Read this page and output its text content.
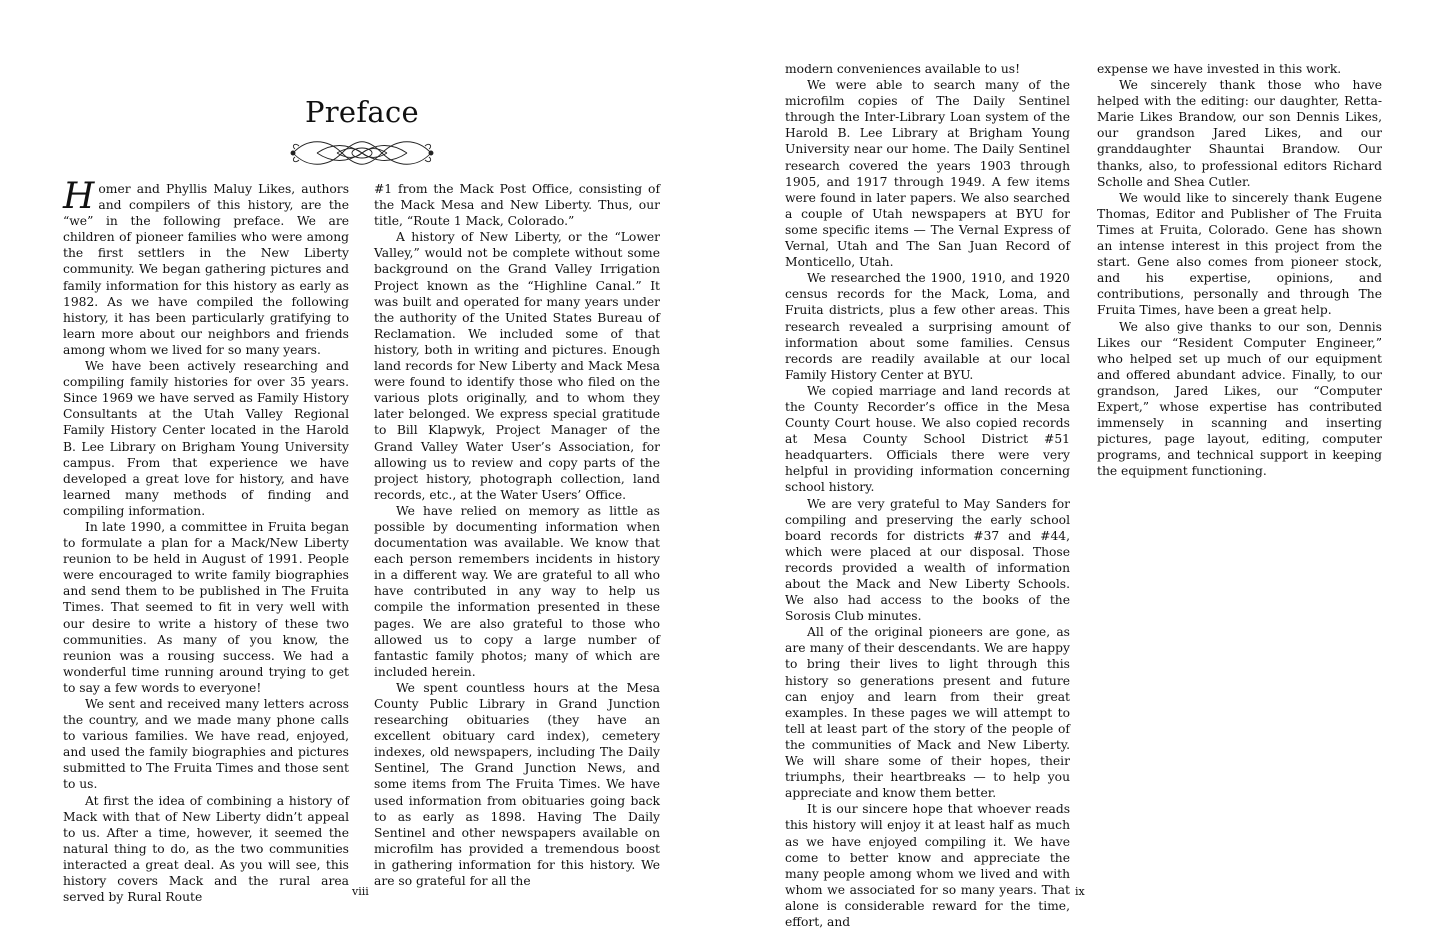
Preface

Homer and Phyllis Maluy Likes, authors and compilers of this history, are the “we” in the following preface. We are children of pioneer families who were among the first settlers in the New Liberty community. We began gathering pictures and family information for this history as early as 1982. As we have compiled the following history, it has been particularly gratifying to learn more about our neighbors and friends among whom we lived for so many years.

We have been actively researching and compiling family histories for over 35 years. Since 1969 we have served as Family History Consultants at the Utah Valley Regional Family History Center located in the Harold B. Lee Library on Brigham Young University campus. From that experience we have developed a great love for history, and have learned many methods of finding and compiling information.

In late 1990, a committee in Fruita began to formulate a plan for a Mack/New Liberty reunion to be held in August of 1991. People were encouraged to write family biographies and send them to be published in The Fruita Times. That seemed to fit in very well with our desire to write a history of these two communities. As many of you know, the reunion was a rousing success. We had a wonderful time running around trying to get to say a few words to everyone!

We sent and received many letters across the country, and we made many phone calls to various families. We have read, enjoyed, and used the family biographies and pictures submitted to The Fruita Times and those sent to us.

At first the idea of combining a history of Mack with that of New Liberty didn’t appeal to us. After a time, however, it seemed the natural thing to do, as the two communities interacted a great deal. As you will see, this history covers Mack and the rural area served by Rural Route

#1 from the Mack Post Office, consisting of the Mack Mesa and New Liberty. Thus, our title, “Route 1 Mack, Colorado.”

A history of New Liberty, or the “Lower Valley,” would not be complete without some background on the Grand Valley Irrigation Project known as the “Highline Canal.” It was built and operated for many years under the authority of the United States Bureau of Reclamation. We included some of that history, both in writing and pictures. Enough land records for New Liberty and Mack Mesa were found to identify those who filed on the various plots originally, and to whom they later belonged. We express special gratitude to Bill Klapwyk, Project Manager of the Grand Valley Water User’s Association, for allowing us to review and copy parts of the project history, photograph collection, land records, etc., at the Water Users’ Office.

We have relied on memory as little as possible by documenting information when documentation was available. We know that each person remembers incidents in history in a different way. We are grateful to all who have contributed in any way to help us compile the information presented in these pages. We are also grateful to those who allowed us to copy a large number of fantastic family photos; many of which are included herein.

We spent countless hours at the Mesa County Public Library in Grand Junction researching obituaries (they have an excellent obituary card index), cemetery indexes, old newspapers, including The Daily Sentinel, The Grand Junction News, and some items from The Fruita Times. We have used information from obituaries going back to as early as 1898. Having The Daily Sentinel and other newspapers available on microfilm has provided a tremendous boost in gathering information for this history. We are so grateful for all the

modern conveniences available to us!

We were able to search many of the microfilm copies of The Daily Sentinel through the Inter-Library Loan system of the Harold B. Lee Library at Brigham Young University near our home. The Daily Sentinel research covered the years 1903 through 1905, and 1917 through 1949. A few items were found in later papers. We also searched a couple of Utah newspapers at BYU for some specific items — The Vernal Express of Vernal, Utah and The San Juan Record of Monticello, Utah.

We researched the 1900, 1910, and 1920 census records for the Mack, Loma, and Fruita districts, plus a few other areas. This research revealed a surprising amount of information about some families. Census records are readily available at our local Family History Center at BYU.

We copied marriage and land records at the County Recorder’s office in the Mesa County Court house. We also copied records at Mesa County School District #51 headquarters. Officials there were very helpful in providing information concerning school history.

We are very grateful to May Sanders for compiling and preserving the early school board records for districts #37 and #44, which were placed at our disposal. Those records provided a wealth of information about the Mack and New Liberty Schools. We also had access to the books of the Sorosis Club minutes.

All of the original pioneers are gone, as are many of their descendants. We are happy to bring their lives to light through this history so generations present and future can enjoy and learn from their great examples. In these pages we will attempt to tell at least part of the story of the people of the communities of Mack and New Liberty. We will share some of their hopes, their triumphs, their heartbreaks — to help you appreciate and know them better.

It is our sincere hope that whoever reads this history will enjoy it at least half as much as we have enjoyed compiling it. We have come to better know and appreciate the many people among whom we lived and with whom we associated for so many years. That alone is considerable reward for the time, effort, and

expense we have invested in this work.

We sincerely thank those who have helped with the editing: our daughter, Retta-Marie Likes Brandow, our son Dennis Likes, our grandson Jared Likes, and our granddaughter Shauntai Brandow. Our thanks, also, to professional editors Richard Scholle and Shea Cutler.

We would like to sincerely thank Eugene Thomas, Editor and Publisher of The Fruita Times at Fruita, Colorado. Gene has shown an intense interest in this project from the start. Gene also comes from pioneer stock, and his expertise, opinions, and contributions, personally and through The Fruita Times, have been a great help.

We also give thanks to our son, Dennis Likes our “Resident Computer Engineer,” who helped set up much of our equipment and offered abundant advice. Finally, to our grandson, Jared Likes, our “Computer Expert,” whose expertise has contributed immensely in scanning and inserting pictures, page layout, editing, computer programs, and technical support in keeping the equipment functioning.

viii	ix
